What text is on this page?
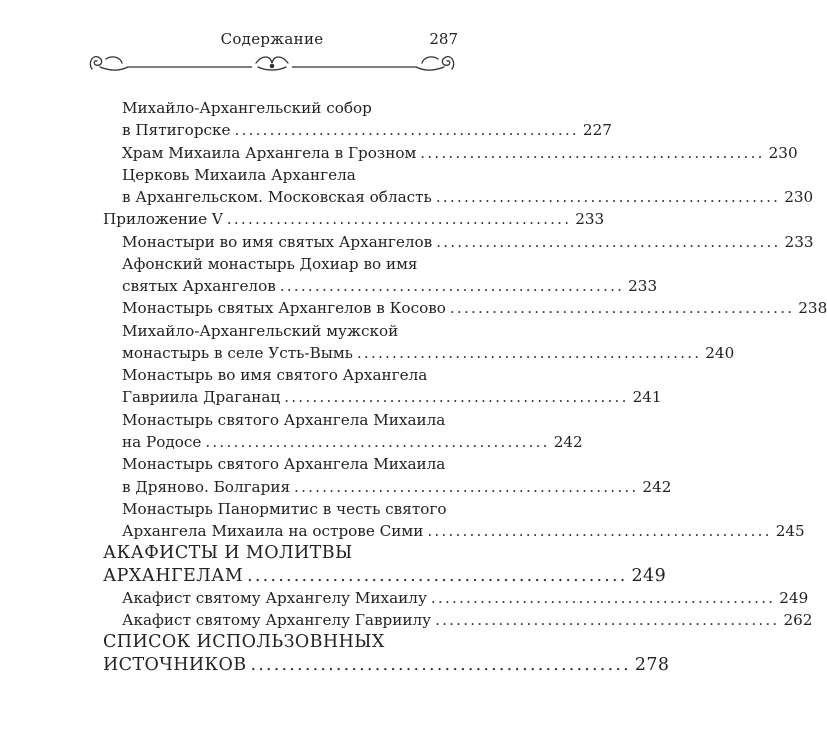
Содержание	287
Михайло-Архангельский собор
в Пятигорске ................................................. 227
Храм Михаила Архангела в Грозном ................................................. 230
Церковь Михаила Архангела
в Архангельском. Московская область ................................................. 230
Приложение V ................................................. 233
Монастыри во имя святых Архангелов ................................................. 233
Афонский монастырь Дохиар во имя
святых Архангелов ................................................. 233
Монастырь святых Архангелов в Косово ................................................. 238
Михайло-Архангельский мужской
монастырь в селе Усть-Вымь ................................................. 240
Монастырь во имя святого Архангела
Гавриила Драганац ................................................. 241
Монастырь святого Архангела Михаила
на Родосе ................................................. 242
Монастырь святого Архангела Михаила
в Дряново. Болгария ................................................. 242
Монастырь Панормитис в честь святого
Архангела Михаила на острове Сими ................................................. 245
АКАФИСТЫ И МОЛИТВЫ
АРХАНГЕЛАМ ................................................. 249
Акафист святому Архангелу Михаилу ................................................. 249
Акафист святому Архангелу Гавриилу ................................................. 262
СПИСОК ИСПОЛЬЗОВННЫХ
ИСТОЧНИКОВ ................................................. 278
